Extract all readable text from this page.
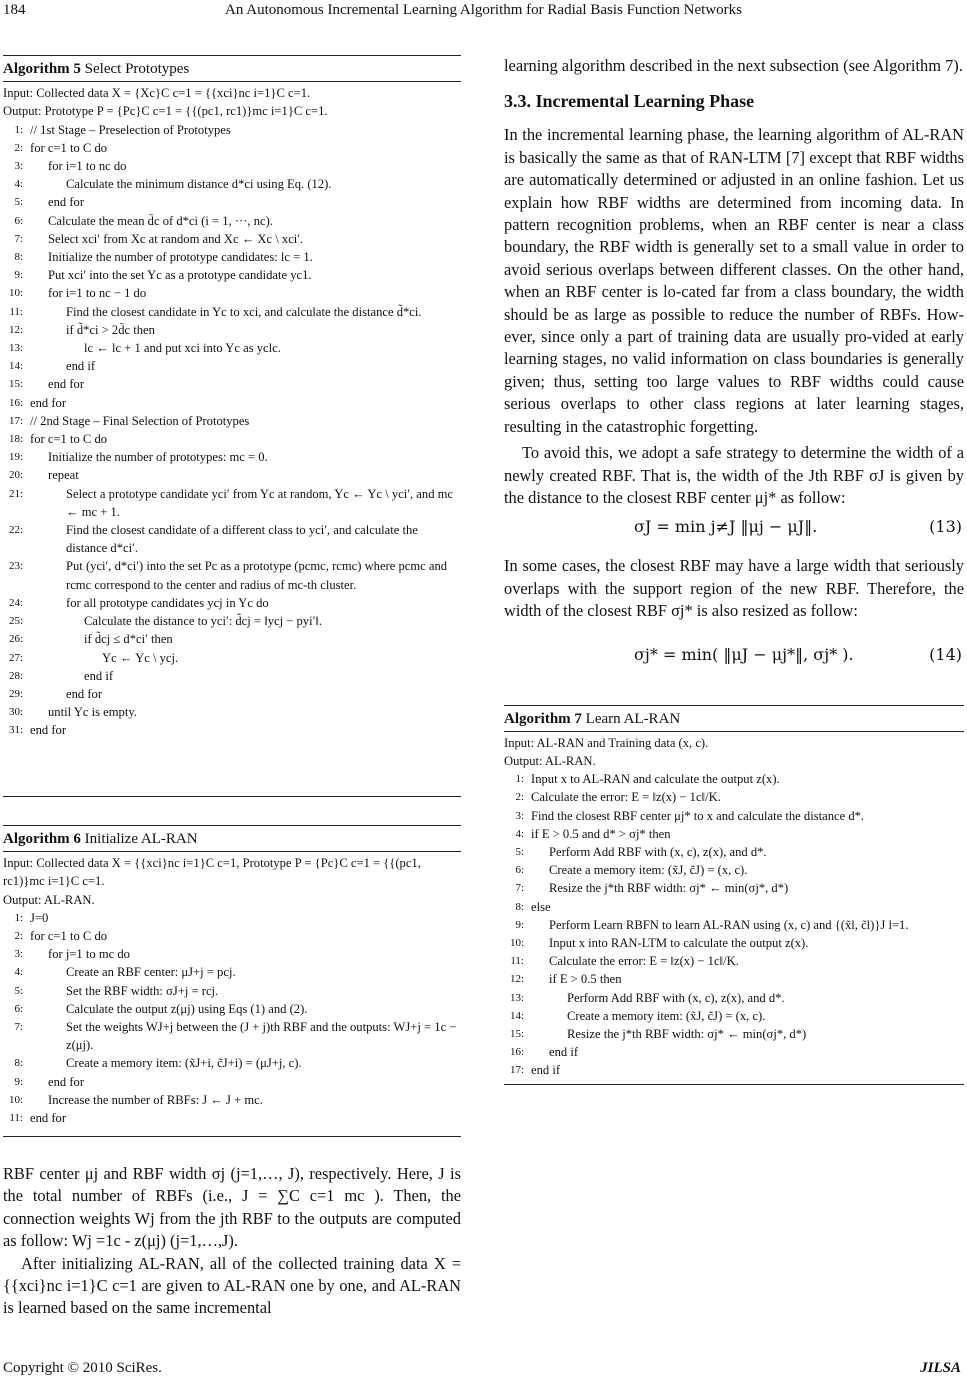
184	An Autonomous Incremental Learning Algorithm for Radial Basis Function Networks
Algorithm 5 Select Prototypes
Input: Collected data X = {Xc}C c=1 = {{xci}nc i=1}C c=1.
Output: Prototype P = {Pc}C c=1 = {{(pc1, rc1)}mc i=1}C c=1.
1: // 1st Stage – Preselection of Prototypes
2: for c=1 to C do
3:	for i=1 to nc do
4:	Calculate the minimum distance d*ci using Eq. (12).
5:	end for
6:	Calculate the mean d̄c of d*ci (i = 1, ···, nc).
7:	Select xci′ from Xc at random and Xc ← Xc \ xci′.
8:	Initialize the number of prototype candidates: lc = 1.
9:	Put xci′ into the set Yc as a prototype candidate yc1.
10:	for i=1 to nc − 1 do
11:	Find the closest candidate in Yc to xci, and calculate the distance d̃*ci.
12:	if d̃*ci > 2d̄c then
13:	lc ← lc + 1 and put xci into Yc as yclc.
14:	end if
15:	end for
16: end for
17: // 2nd Stage – Final Selection of Prototypes
18: for c=1 to C do
19:	Initialize the number of prototypes: mc = 0.
20:	repeat
21:	Select a prototype candidate yci′ from Yc at random, Yc ← Yc \ yci′, and mc ← mc + 1.
22:	Find the closest candidate of a different class to yci′, and calculate the distance d*ci′.
23:	Put (yci′, d*ci′) into the set Pc as a prototype (pcmc, rcmc) where pcmc and rcmc correspond to the center and radius of mc-th cluster.
24:	for all prototype candidates ycj in Yc do
25:	Calculate the distance to yci′: d̃cj = ‖ycj − pyi′‖.
26:	if d̃cj ≤ d*ci′ then
27:	Yc ← Yc \ ycj.
28:	end if
29:	end for
30:	until Yc is empty.
31: end for
Algorithm 6 Initialize AL-RAN
Input: Collected data X = {{xci}nc i=1}C c=1, Prototype P = {Pc}C c=1 = {{(pc1, rc1)}mc i=1}C c=1.
Output: AL-RAN.
1: J=0
2: for c=1 to C do
3:	for j=1 to mc do
4:	Create an RBF center: μJ+j = pcj.
5:	Set the RBF width: σJ+j = rcj.
6:	Calculate the output z(μj) using Eqs (1) and (2).
7:	Set the weights WJ+j between the (J + j)th RBF and the outputs: WJ+j = 1c − z(μj).
8:	Create a memory item: (x̃J+i, c̃J+i) = (μJ+j, c).
9:	end for
10:	Increase the number of RBFs: J ← J + mc.
11: end for

RBF center μj and RBF width σj (j=1,…, J), respectively. Here, J is the total number of RBFs (i.e., J = ∑C c=1 mc ). Then, the connection weights Wj from the jth RBF to the outputs are computed as follow: Wj =1c - z(μj) (j=1,…,J).

After initializing AL-RAN, all of the collected training data X = {{xci}nc i=1}C c=1 are given to AL-RAN one by one, and AL-RAN is learned based on the same incremental

learning algorithm described in the next subsection (see Algorithm 7).

3.3. Incremental Learning Phase

In the incremental learning phase, the learning algorithm of AL-RAN is basically the same as that of RAN-LTM [7] except that RBF widths are automatically determined or adjusted in an online fashion. Let us explain how RBF widths are determined from incoming data. In pattern recognition problems, when an RBF center is near a class boundary, the RBF width is generally set to a small value in order to avoid serious overlaps between different classes. On the other hand, when an RBF center is lo-cated far from a class boundary, the width should be as large as possible to reduce the number of RBFs. How-ever, since only a part of training data are usually pro-vided at early learning stages, no valid information on class boundaries is generally given; thus, setting too large values to RBF widths could cause serious overlaps to other class regions at later learning stages, resulting in the catastrophic forgetting.

To avoid this, we adopt a safe strategy to determine the width of a newly created RBF. That is, the width of the Jth RBF σJ is given by the distance to the closest RBF center μj* as follow:

σJ = min j≠J ‖μj − μJ‖.	(13)

In some cases, the closest RBF may have a large width that seriously overlaps with the support region of the new RBF. Therefore, the width of the closest RBF σj* is also resized as follow:

σj* = min( ‖μJ − μj*‖, σj* ).	(14)
Algorithm 7 Learn AL-RAN
Input: AL-RAN and Training data (x, c).
Output: AL-RAN.
1: Input x to AL-RAN and calculate the output z(x).
2: Calculate the error: E = ‖z(x) − 1c‖/K.
3: Find the closest RBF center μj* to x and calculate the distance d*.
4: if E > 0.5 and d* > σj* then
5:	Perform Add RBF with (x, c), z(x), and d*.
6:	Create a memory item: (x̃J, c̃J) = (x, c).
7:	Resize the j*th RBF width: σj* ← min(σj*, d*)
8: else
9:	Perform Learn RBFN to learn AL-RAN using (x, c) and {(x̃l, c̃l)}J l=1.
10:	Input x into RAN-LTM to calculate the output z(x).
11:	Calculate the error: E = ‖z(x) − 1c‖/K.
12:	if E > 0.5 then
13:	Perform Add RBF with (x, c), z(x), and d*.
14:	Create a memory item: (x̃J, c̃J) = (x, c).
15:	Resize the j*th RBF width: σj* ← min(σj*, d*)
16:	end if
17: end if
Copyright © 2010 SciRes.	JILSA
